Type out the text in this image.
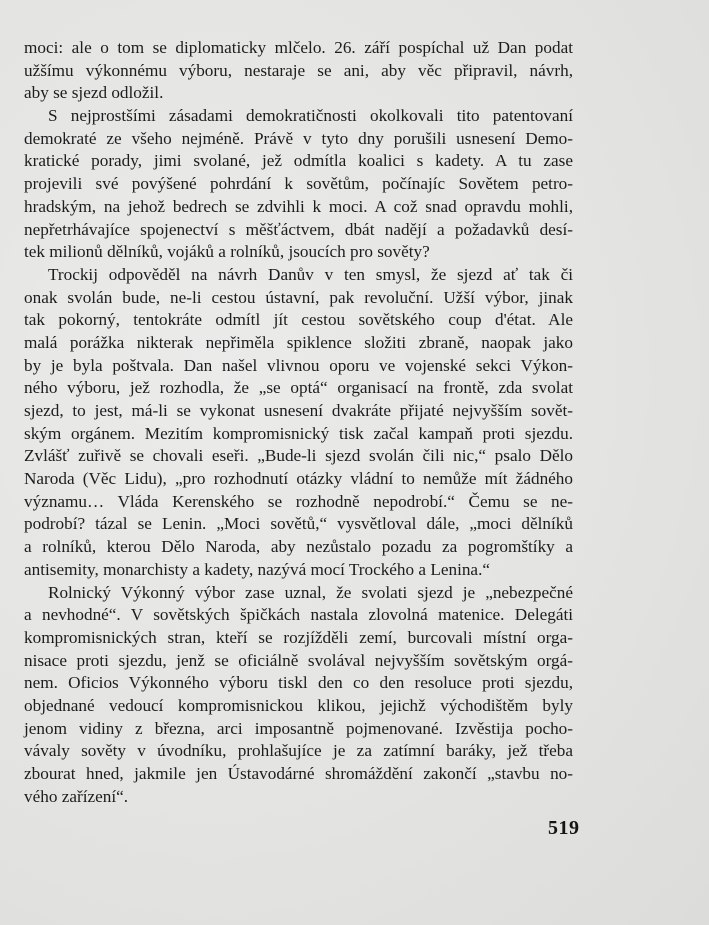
moci: ale o tom se diplomaticky mlčelo. 26. září pospíchal už Dan podat
užšímu výkonnému výboru, nestaraje se ani, aby věc připravil, návrh,
aby se sjezd odložil.
S nejprostšími zásadami demokratičnosti okolkovali tito patentovaní
demokraté ze všeho nejméně. Právě v tyto dny porušili usnesení Demo-
kratické porady, jimi svolané, jež odmítla koalici s kadety. A tu zase
projevili své povýšené pohrdání k sovětům, počínajíc Sovětem petro-
hradským, na jehož bedrech se zdvihli k moci. A což snad opravdu mohli,
nepřetrhávajíce spojenectví s měšťáctvem, dbát nadějí a požadavků desí-
tek milionů dělníků, vojáků a rolníků, jsoucích pro sověty?
Trockij odpověděl na návrh Danův v ten smysl, že sjezd ať tak či
onak svolán bude, ne-li cestou ústavní, pak revoluční. Užší výbor, jinak
tak pokorný, tentokráte odmítl jít cestou sovětského coup d'état. Ale
malá porážka nikterak nepřiměla spiklence složiti zbraně, naopak jako
by je byla poštvala. Dan našel vlivnou oporu ve vojenské sekci Výkon-
ného výboru, jež rozhodla, že „se optá“ organisací na frontě, zda svolat
sjezd, to jest, má-li se vykonat usnesení dvakráte přijaté nejvyšším sovět-
ským orgánem. Mezitím kompromisnický tisk začal kampaň proti sjezdu.
Zvlášť zuřivě se chovali eseři. „Bude-li sjezd svolán čili nic,“ psalo Dělo
Naroda (Věc Lidu), „pro rozhodnutí otázky vládní to nemůže mít žádného
významu… Vláda Kerenského se rozhodně nepodrobí.“ Čemu se ne-
podrobí? tázal se Lenin. „Moci sovětů,“ vysvětloval dále, „moci dělníků
a rolníků, kterou Dělo Naroda, aby nezůstalo pozadu za pogromštíky a
antisemity, monarchisty a kadety, nazývá mocí Trockého a Lenina.“
Rolnický Výkonný výbor zase uznal, že svolati sjezd je „nebezpečné
a nevhodné“. V sovětských špičkách nastala zlovolná matenice. Delegáti
kompromisnických stran, kteří se rozjížděli zemí, burcovali místní orga-
nisace proti sjezdu, jenž se oficiálně svolával nejvyšším sovětským orgá-
nem. Oficios Výkonného výboru tiskl den co den resoluce proti sjezdu,
objednané vedoucí kompromisnickou klikou, jejichž východištěm byly
jenom vidiny z března, arci imposantně pojmenované. Izvěstija pocho-
vávaly sověty v úvodníku, prohlašujíce je za zatímní baráky, jež třeba
zbourat hned, jakmile jen Ústavodárné shromáždění zakončí „stavbu no-
vého zařízení“.
519
